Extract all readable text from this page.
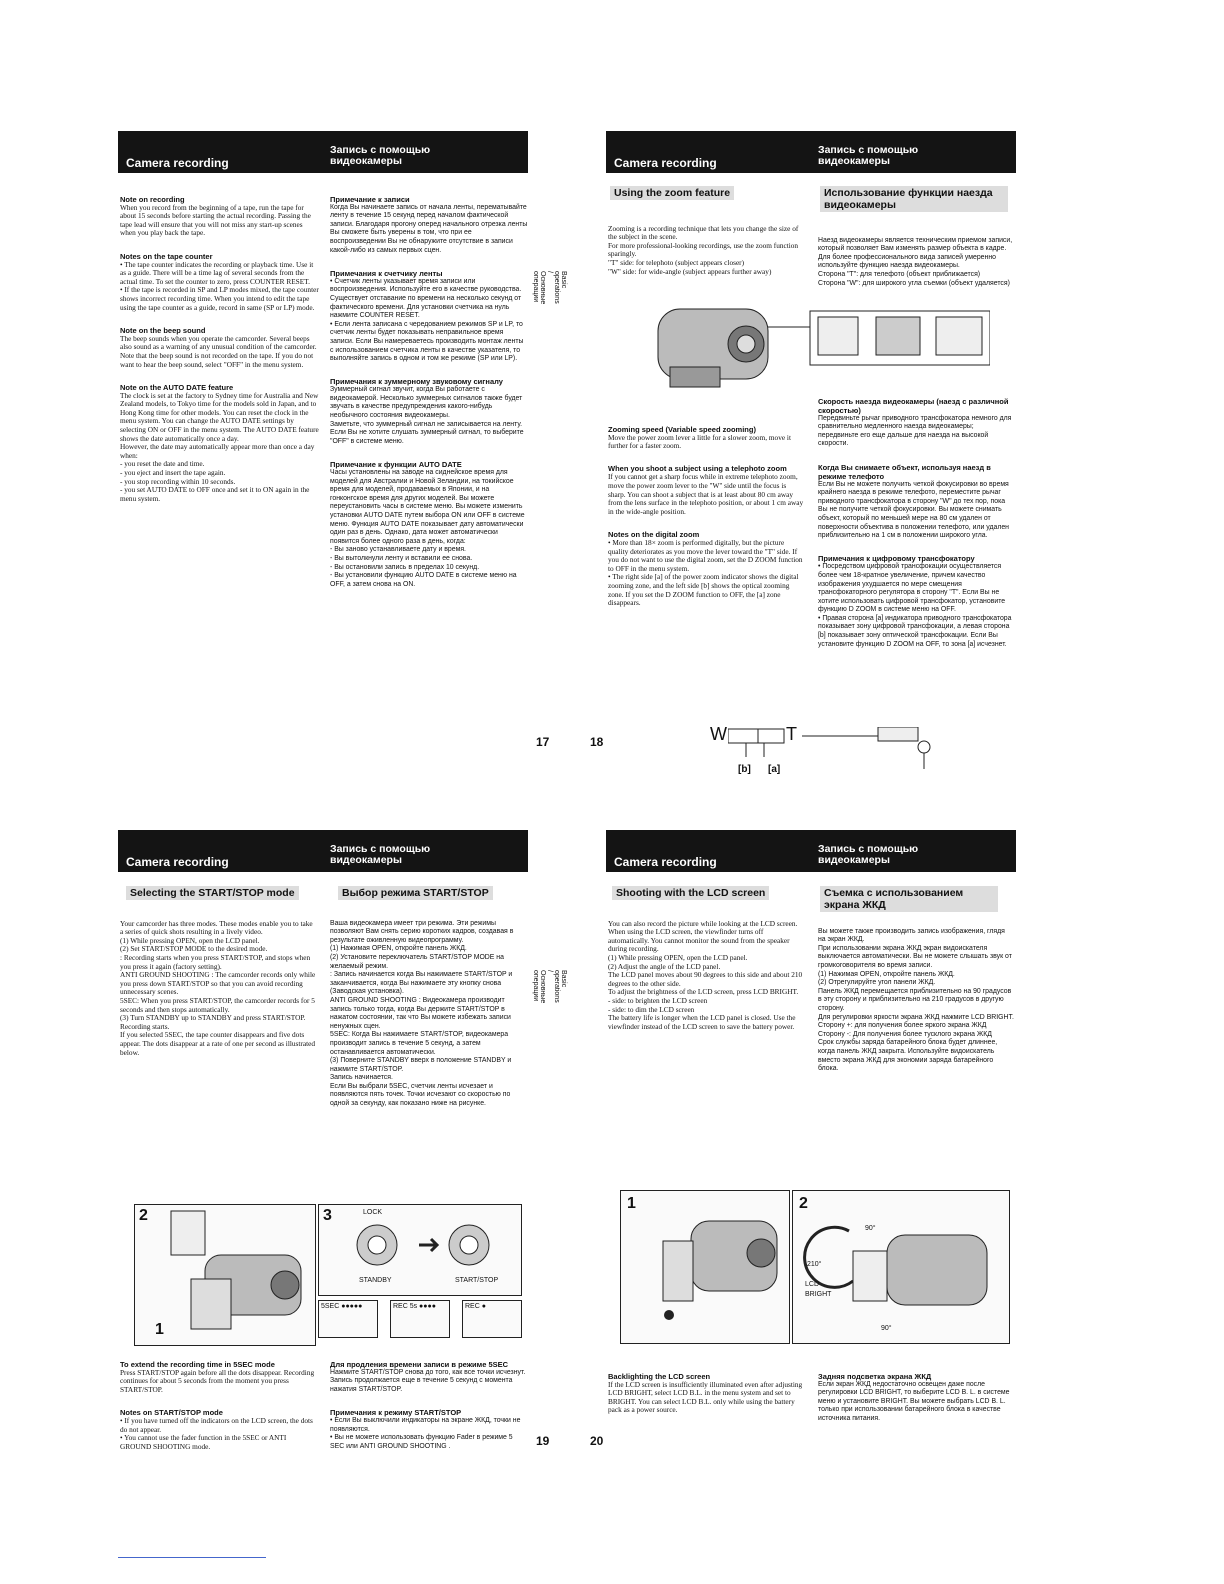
Camera recording
Запись с помощью
видеокамеры

Note on recording

When you record from the beginning of a tape, run the tape for about 15 seconds before starting the actual recording. Passing the tape lead will ensure that you will not miss any start-up scenes when you play back the tape.

Notes on the tape counter

• The tape counter indicates the recording or playback time. Use it as a guide. There will be a time lag of several seconds from the actual time. To set the counter to zero, press COUNTER RESET.
• If the tape is recorded in SP and LP modes mixed, the tape counter shows incorrect recording time. When you intend to edit the tape using the tape counter as a guide, record in same (SP or LP) mode.

Note on the beep sound

The beep sounds when you operate the camcorder. Several beeps also sound as a warning of any unusual condition of the camcorder.
Note that the beep sound is not recorded on the tape. If you do not want to hear the beep sound, select "OFF" in the menu system.

Note on the AUTO DATE feature

The clock is set at the factory to Sydney time for Australia and New Zealand models, to Tokyo time for the models sold in Japan, and to Hong Kong time for other models. You can reset the clock in the menu system. You can change the AUTO DATE settings by selecting ON or OFF in the menu system. The AUTO DATE feature shows the date automatically once a day.
However, the date may automatically appear more than once a day when:
- you reset the date and time.
- you eject and insert the tape again.
- you stop recording within 10 seconds.
- you set AUTO DATE to OFF once and set it to ON again in the menu system.

Примечание к записи

Когда Вы начинаете запись от начала ленты, перематывайте ленту в течение 15 секунд перед началом фактической записи. Благодаря прогону оперед начального отрезка ленты Вы сможете быть уверены в том, что при ее воспроизведении Вы не обнаружите отсутствие в записи какой-либо из самых первых сцен.

Примечания к счетчику ленты

• Счетчик ленты указывает время записи или воспроизведения. Используйте его в качестве руководства. Существует отставание по времени на несколько секунд от фактического времени. Для установки счетчика на нуль нажмите COUNTER RESET.
• Если лента записана с чередованием режимов SP и LP, то счетчик ленты будет показывать неправильное время записи. Если Вы намереваетесь производить монтаж ленты с использованием счетчика ленты в качестве указателя, то выполняйте запись в одном и том же режиме (SP или LP).

Примечания к зуммерному звуковому сигналу

Зуммерный сигнал звучит, когда Вы работаете с видеокамерой. Несколько зуммерных сигналов также будет звучать в качестве предупреждения какого-нибудь необычного состояния видеокамеры.
Заметьте, что зуммерный сигнал не записывается на ленту. Если Вы не хотите слушать зуммерный сигнал, то выберите "OFF" в системе меню.

Примечание к функции AUTO DATE

Часы установлены на заводе на сиднейское время для моделей для Австралии и Новой Зеландии, на токийское время для моделей, продаваемых в Японии, и на гонконгское время для других моделей. Вы можете переустановить часы в системе меню. Вы можете изменить установки AUTO DATE путем выбора ON или OFF в системе меню. Функция AUTO DATE показывает дату автоматически один раз в день. Однако, дата может автоматически появится более одного раза в день, когда:
- Вы заново устанавливаете дату и время.
- Вы вытолкнули ленту и вставили ее снова.
- Вы остановили запись в пределах 10 секунд.
- Вы установили функцию AUTO DATE в системе меню на OFF, а затем снова на ON.

Basic operations / Основные операции
17
Camera recording
Запись с помощью
видеокамеры
Using the zoom feature	Использование функции наезда видеокамеры

Zooming is a recording technique that lets you change the size of the subject in the scene.
For more professional-looking recordings, use the zoom function sparingly.
"T" side: for telephoto (subject appears closer)
"W" side: for wide-angle (subject appears further away)

Наезд видеокамеры является техническим приемом записи, который позволяет Вам изменять размер объекта в кадре. Для более профессионального вида записей умеренно используйте функцию наезда видеокамеры.
Сторона "T": для телефото (объект приближается)
Сторона "W": для широкого угла съемки (объект удаляется)

Zooming speed (Variable speed zooming)

Move the power zoom lever a little for a slower zoom, move it further for a faster zoom.

When you shoot a subject using a telephoto zoom

If you cannot get a sharp focus while in extreme telephoto zoom, move the power zoom lever to the "W" side until the focus is sharp. You can shoot a subject that is at least about 80 cm away from the lens surface in the telephoto position, or about 1 cm away in the wide-angle position.

Notes on the digital zoom

• More than 18× zoom is performed digitally, but the picture quality deteriorates as you move the lever toward the "T" side. If you do not want to use the digital zoom, set the D ZOOM function to OFF in the menu system.
• The right side [a] of the power zoom indicator shows the digital zooming zone, and the left side [b] shows the optical zooming zone. If you set the D ZOOM function to OFF, the [a] zone disappears.

Скорость наезда видеокамеры (наезд с различной скоростью)

Передвиньте рычаг приводного трансфокатора немного для сравнительно медленного наезда видеокамеры; передвиньте его еще дальше для наезда на высокой скорости.

Когда Вы снимаете объект, используя наезд в режиме телефото

Если Вы не можете получить четкой фокусировки во время крайнего наезда в режиме телефото, переместите рычаг приводного трансфокатора в сторону "W" до тех пор, пока Вы не получите четкой фокусировки. Вы можете снимать объект, который по меньшей мере на 80 см удален от поверхности объектива в положении телефото, или удален приблизительно на 1 см в положении широкого угла.

Примечания к цифровому трансфокатору

• Посредством цифровой трансфокации осуществляется более чем 18-кратное увеличение, причем качество изображения ухудшается по мере смещения трансфокаторного регулятора в сторону "T". Если Вы не хотите использовать цифровой трансфокатор, установите функцию D ZOOM в системе меню на OFF.
• Правая сторона [a] индикатора приводного трансфокатора показывает зону цифровой трансфокации, а левая сторона [b] показывает зону оптической трансфокации. Если Вы установите функцию D ZOOM на OFF, то зона [a] исчезнет.

W	T
[b] [a]
18
Camera recording
Запись с помощью
видеокамеры
Selecting the START/STOP mode	Выбор режима START/STOP

Your camcorder has three modes. These modes enable you to take a series of quick shots resulting in a lively video.
(1) While pressing OPEN, open the LCD panel.
(2) Set START/STOP MODE to the desired mode.
: Recording starts when you press START/STOP, and stops when you press it again (factory setting).
ANTI GROUND SHOOTING : The camcorder records only while you press down START/STOP so that you can avoid recording unnecessary scenes.
5SEC: When you press START/STOP, the camcorder records for 5 seconds and then stops automatically.
(3) Turn STANDBY up to STANDBY and press START/STOP.
Recording starts.
If you selected 5SEC, the tape counter disappears and five dots appear. The dots disappear at a rate of one per second as illustrated below.

Ваша видеокамера имеет три режима. Эти режимы позволяют Вам снять серию коротких кадров, создавая в результате оживленную видеопрограмму.
(1) Нажимая OPEN, откройте панель ЖКД.
(2) Установите переключатель START/STOP MODE на желаемый режим.
: Запись начинается когда Вы нажимаете START/STOP и заканчивается, когда Вы нажимаете эту кнопку снова (Заводская установка).
ANTI GROUND SHOOTING : Видеокамера производит запись только тогда, когда Вы держите START/STOP в нажатом состоянии, так что Вы можете избежать записи ненужных сцен.
5SEC: Когда Вы нажимаете START/STOP, видеокамера производит запись в течение 5 секунд, а затем останавливается автоматически.
(3) Поверните STANDBY вверх в положение STANDBY и нажмите START/STOP.
Запись начинается.
Если Вы выбрали 5SEC, счетчик ленты исчезает и появляются пять точек. Точки исчезают со скоростью по одной за секунду, как показано ниже на рисунке.

2
1
3	LOCK
STANDBY	START/STOP
5SEC ●●●●●	REC 5s ●●●●	REC ●

To extend the recording time in 5SEC mode

Press START/STOP again before all the dots disappear. Recording continues for about 5 seconds from the moment you press START/STOP.

Notes on START/STOP mode

• If you have turned off the indicators on the LCD screen, the dots do not appear.
• You cannot use the fader function in the 5SEC or ANTI GROUND SHOOTING mode.

Для продления времени записи в режиме 5SEC

Нажмите START/STOP снова до того, как все точки исчезнут. Запись продолжается еще в течение 5 секунд с момента нажатия START/STOP.

Примечания к режиму START/STOP

• Если Вы выключили индикаторы на экране ЖКД, точки не появляются.
• Вы не можете использовать функцию Fader в режиме 5 SEC или ANTI GROUND SHOOTING .

Basic operations / Основные операции
19
Camera recording
Запись с помощью
видеокамеры
Shooting with the LCD screen	Съемка с использованием экрана ЖКД

You can also record the picture while looking at the LCD screen.
When using the LCD screen, the viewfinder turns off automatically. You cannot monitor the sound from the speaker during recording.
(1) While pressing OPEN, open the LCD panel.
(2) Adjust the angle of the LCD panel.
The LCD panel moves about 90 degrees to this side and about 210 degrees to the other side.
To adjust the brightness of the LCD screen, press LCD BRIGHT.
- side: to brighten the LCD screen
- side: to dim the LCD screen
The battery life is longer when the LCD panel is closed. Use the viewfinder instead of the LCD screen to save the battery power.

Вы можете также производить запись изображения, глядя на экран ЖКД.
При использовании экрана ЖКД экран видоискателя выключается автоматически. Вы не можете слышать звук от громкоговорителя во время записи.
(1) Нажимая OPEN, откройте панель ЖКД.
(2) Отрегулируйте угол панели ЖКД.
Панель ЖКД перемещается приблизительно на 90 градусов в эту сторону и приблизительно на 210 градусов в другую сторону.
Для регулировки яркости экрана ЖКД нажмите LCD BRIGHT.
Сторону +: для получения более яркого экрана ЖКД
Сторону -: Для получения более тусклого экрана ЖКД
Срок службы заряда батарейного блока будет длиннее, когда панель ЖКД закрыта. Используйте видоискатель вместо экрана ЖКД для экономии заряда батарейного блока.

1	2
90°
210°
LCD
BRIGHT
90°

Backlighting the LCD screen

If the LCD screen is insufficiently illuminated even after adjusting LCD BRIGHT, select LCD B.L. in the menu system and set to BRIGHT. You can select LCD B.L. only while using the battery pack as a power source.

Задняя подсветка экрана ЖКД

Если экран ЖКД недостаточно освещен даже после регулировки LCD BRIGHT, то выберите LCD B. L. в системе меню и установите BRIGHT. Вы можете выбрать LCD B. L. только при использовании батарейного блока в качестве источника питания.

20
